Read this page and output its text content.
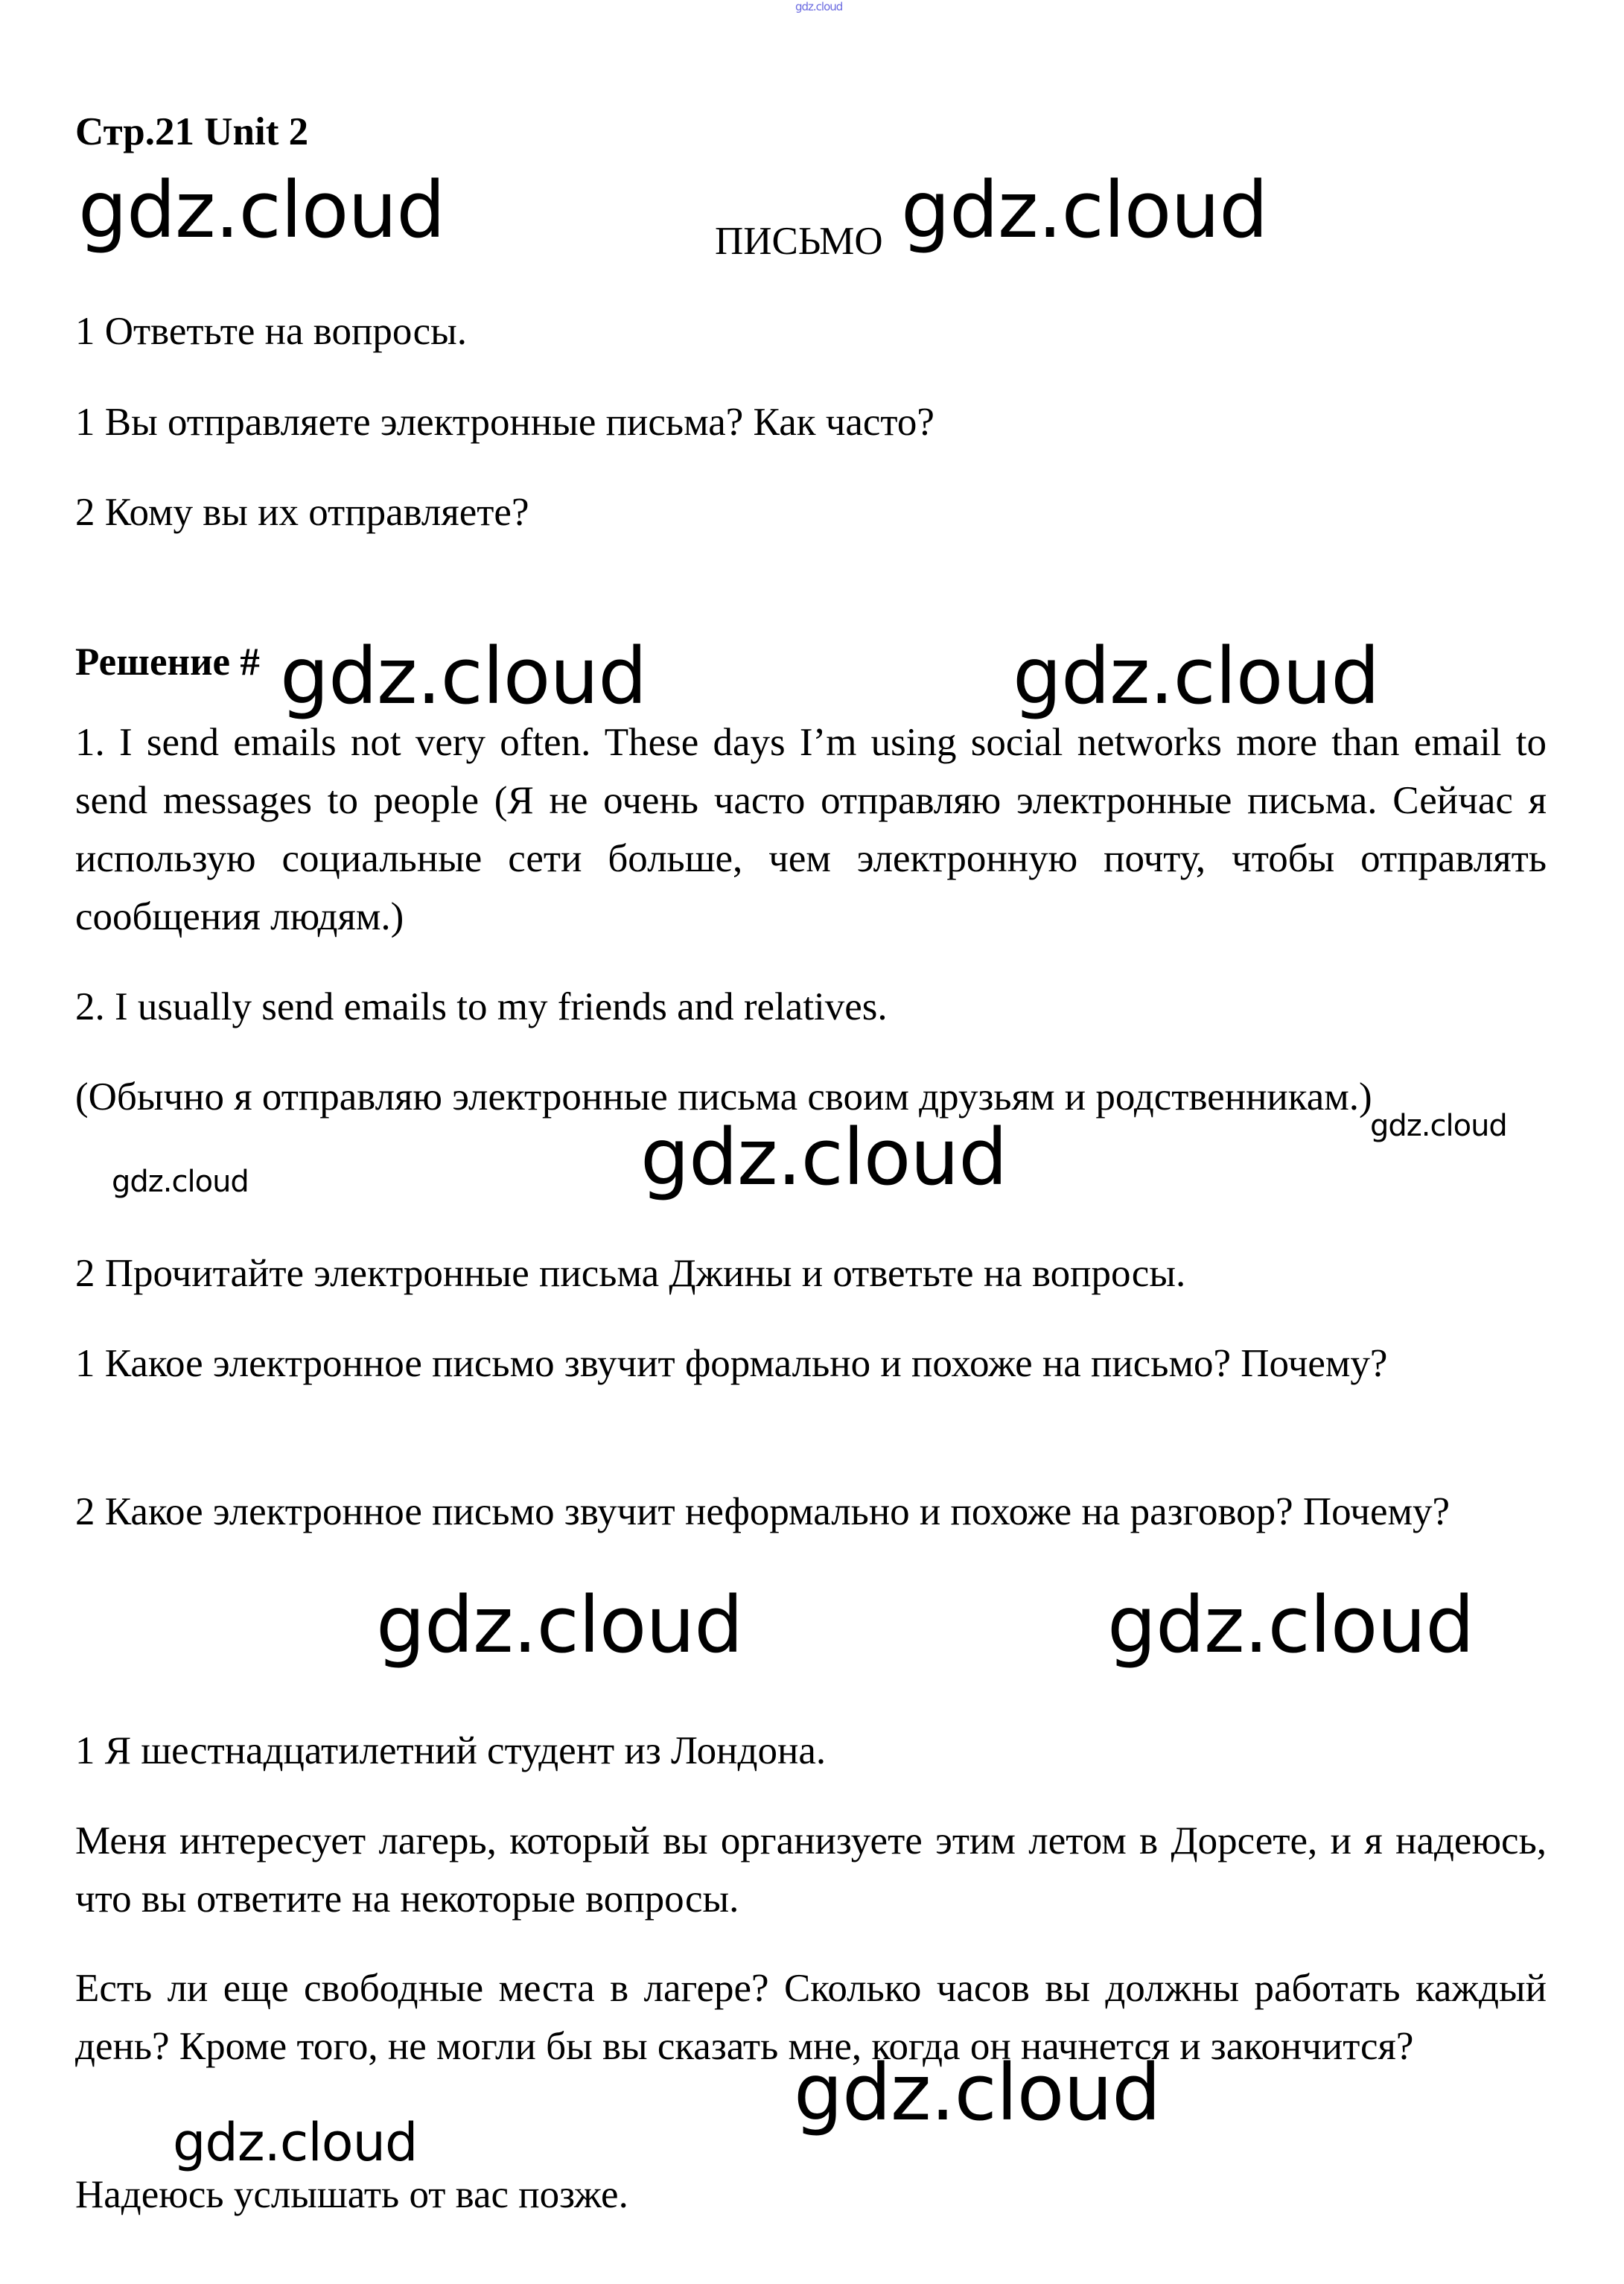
gdz.cloud
Стр.21 Unit 2
gdz.cloud	ПИСЬМО gdz.cloud
1 Ответьте на вопросы.
1 Вы отправляете электронные письма? Как часто?
2 Кому вы их отправляете?
Решение # gdz.cloud	gdz.cloud
1. I send emails not very often. These days I’m using social networks more than email to send messages to people (Я не очень часто отправляю электронные письма. Сейчас я использую социальные сети больше, чем электронную почту, чтобы отправлять сообщения людям.)
2. I usually send emails to my friends and relatives.
(Обычно я отправляю электронные письма своим друзьям и родственникам.)
gdz.cloud
gdz.cloud	gdz.cloud
2 Прочитайте электронные письма Джины и ответьте на вопросы.
1 Какое электронное письмо звучит формально и похоже на письмо? Почему?
2 Какое электронное письмо звучит неформально и похоже на разговор? Почему?
gdz.cloud	gdz.cloud
1 Я шестнадцатилетний студент из Лондона.
Меня интересует лагерь, который вы организуете этим летом в Дорсете, и я надеюсь, что вы ответите на некоторые вопросы.
Есть ли еще свободные места в лагере? Сколько часов вы должны работать каждый день? Кроме того, не могли бы вы сказать мне, когда он начнется и закончится?
gdz.cloud
gdz.cloud
Надеюсь услышать от вас позже.
